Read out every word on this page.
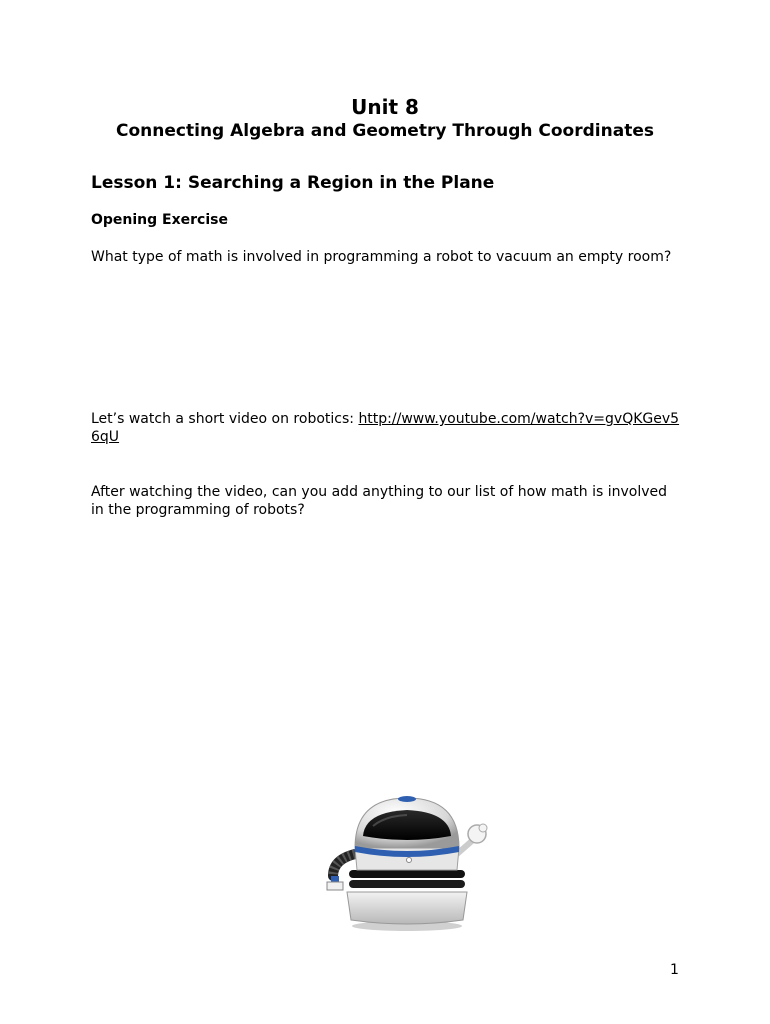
Unit 8
Connecting Algebra and Geometry Through Coordinates
Lesson 1: Searching a Region in the Plane
Opening Exercise

What type of math is involved in programming a robot to vacuum an empty room?

Let’s watch a short video on robotics: http://www.youtube.com/watch?v=gvQKGev56qU

After watching the video, can you add anything to our list of how math is involved in the programming of robots?

1
